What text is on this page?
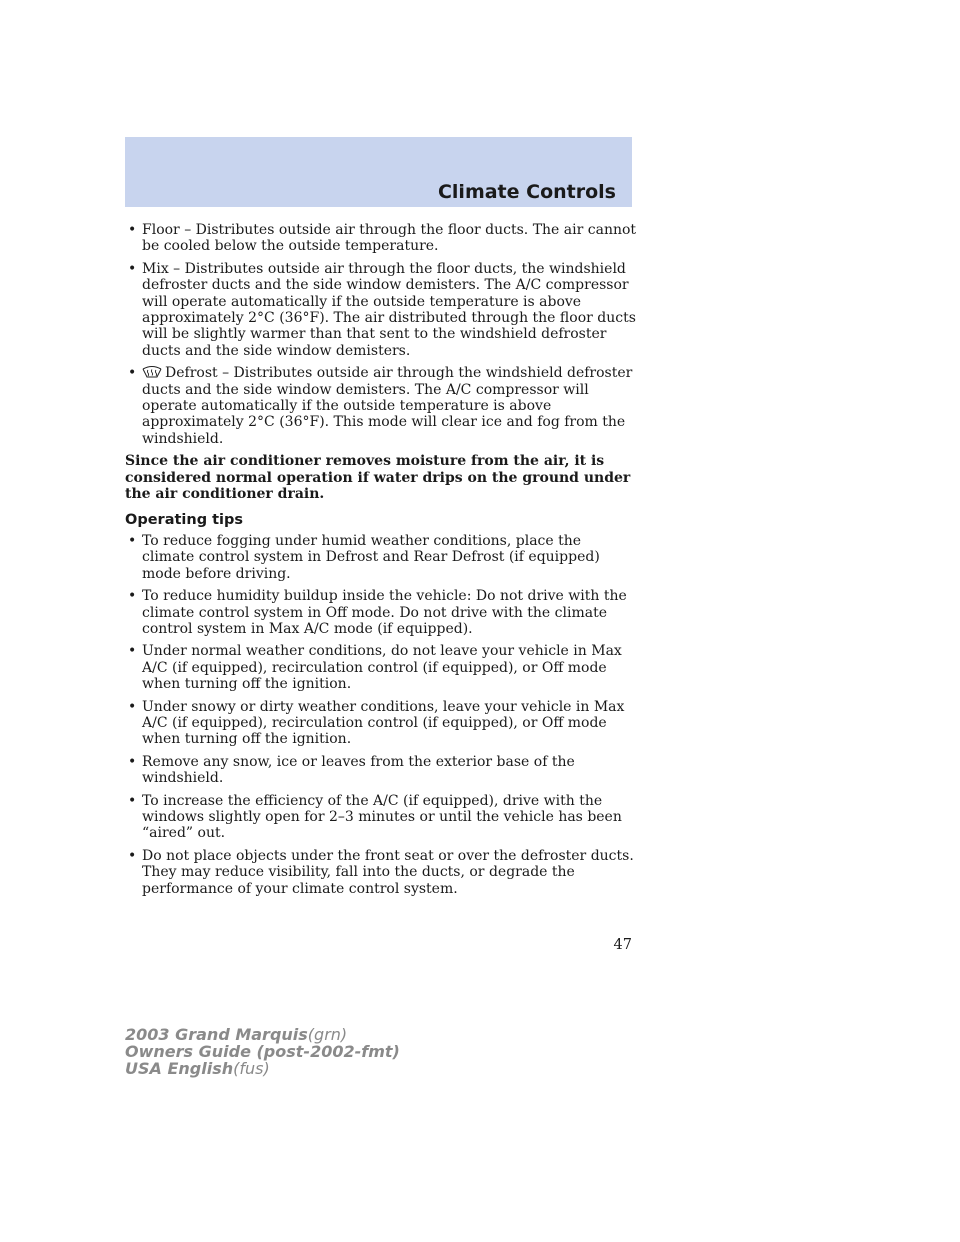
Climate Controls
• Floor – Distributes outside air through the floor ducts. The air cannot be cooled below the outside temperature.
• Mix – Distributes outside air through the floor ducts, the windshield defroster ducts and the side window demisters. The A/C compressor will operate automatically if the outside temperature is above approximately 2°C (36°F). The air distributed through the floor ducts will be slightly warmer than that sent to the windshield defroster ducts and the side window demisters.
• Defrost – Distributes outside air through the windshield defroster ducts and the side window demisters. The A/C compressor will operate automatically if the outside temperature is above approximately 2°C (36°F). This mode will clear ice and fog from the windshield.
Since the air conditioner removes moisture from the air, it is considered normal operation if water drips on the ground under the air conditioner drain.
Operating tips
• To reduce fogging under humid weather conditions, place the climate control system in Defrost and Rear Defrost (if equipped) mode before driving.
• To reduce humidity buildup inside the vehicle: Do not drive with the climate control system in Off mode. Do not drive with the climate control system in Max A/C mode (if equipped).
• Under normal weather conditions, do not leave your vehicle in Max A/C (if equipped), recirculation control (if equipped), or Off mode when turning off the ignition.
• Under snowy or dirty weather conditions, leave your vehicle in Max A/C (if equipped), recirculation control (if equipped), or Off mode when turning off the ignition.
• Remove any snow, ice or leaves from the exterior base of the windshield.
• To increase the efficiency of the A/C (if equipped), drive with the windows slightly open for 2–3 minutes or until the vehicle has been “aired” out.
• Do not place objects under the front seat or over the defroster ducts. They may reduce visibility, fall into the ducts, or degrade the performance of your climate control system.
47
2003 Grand Marquis(grn)
Owners Guide (post-2002-fmt)
USA English(fus)
